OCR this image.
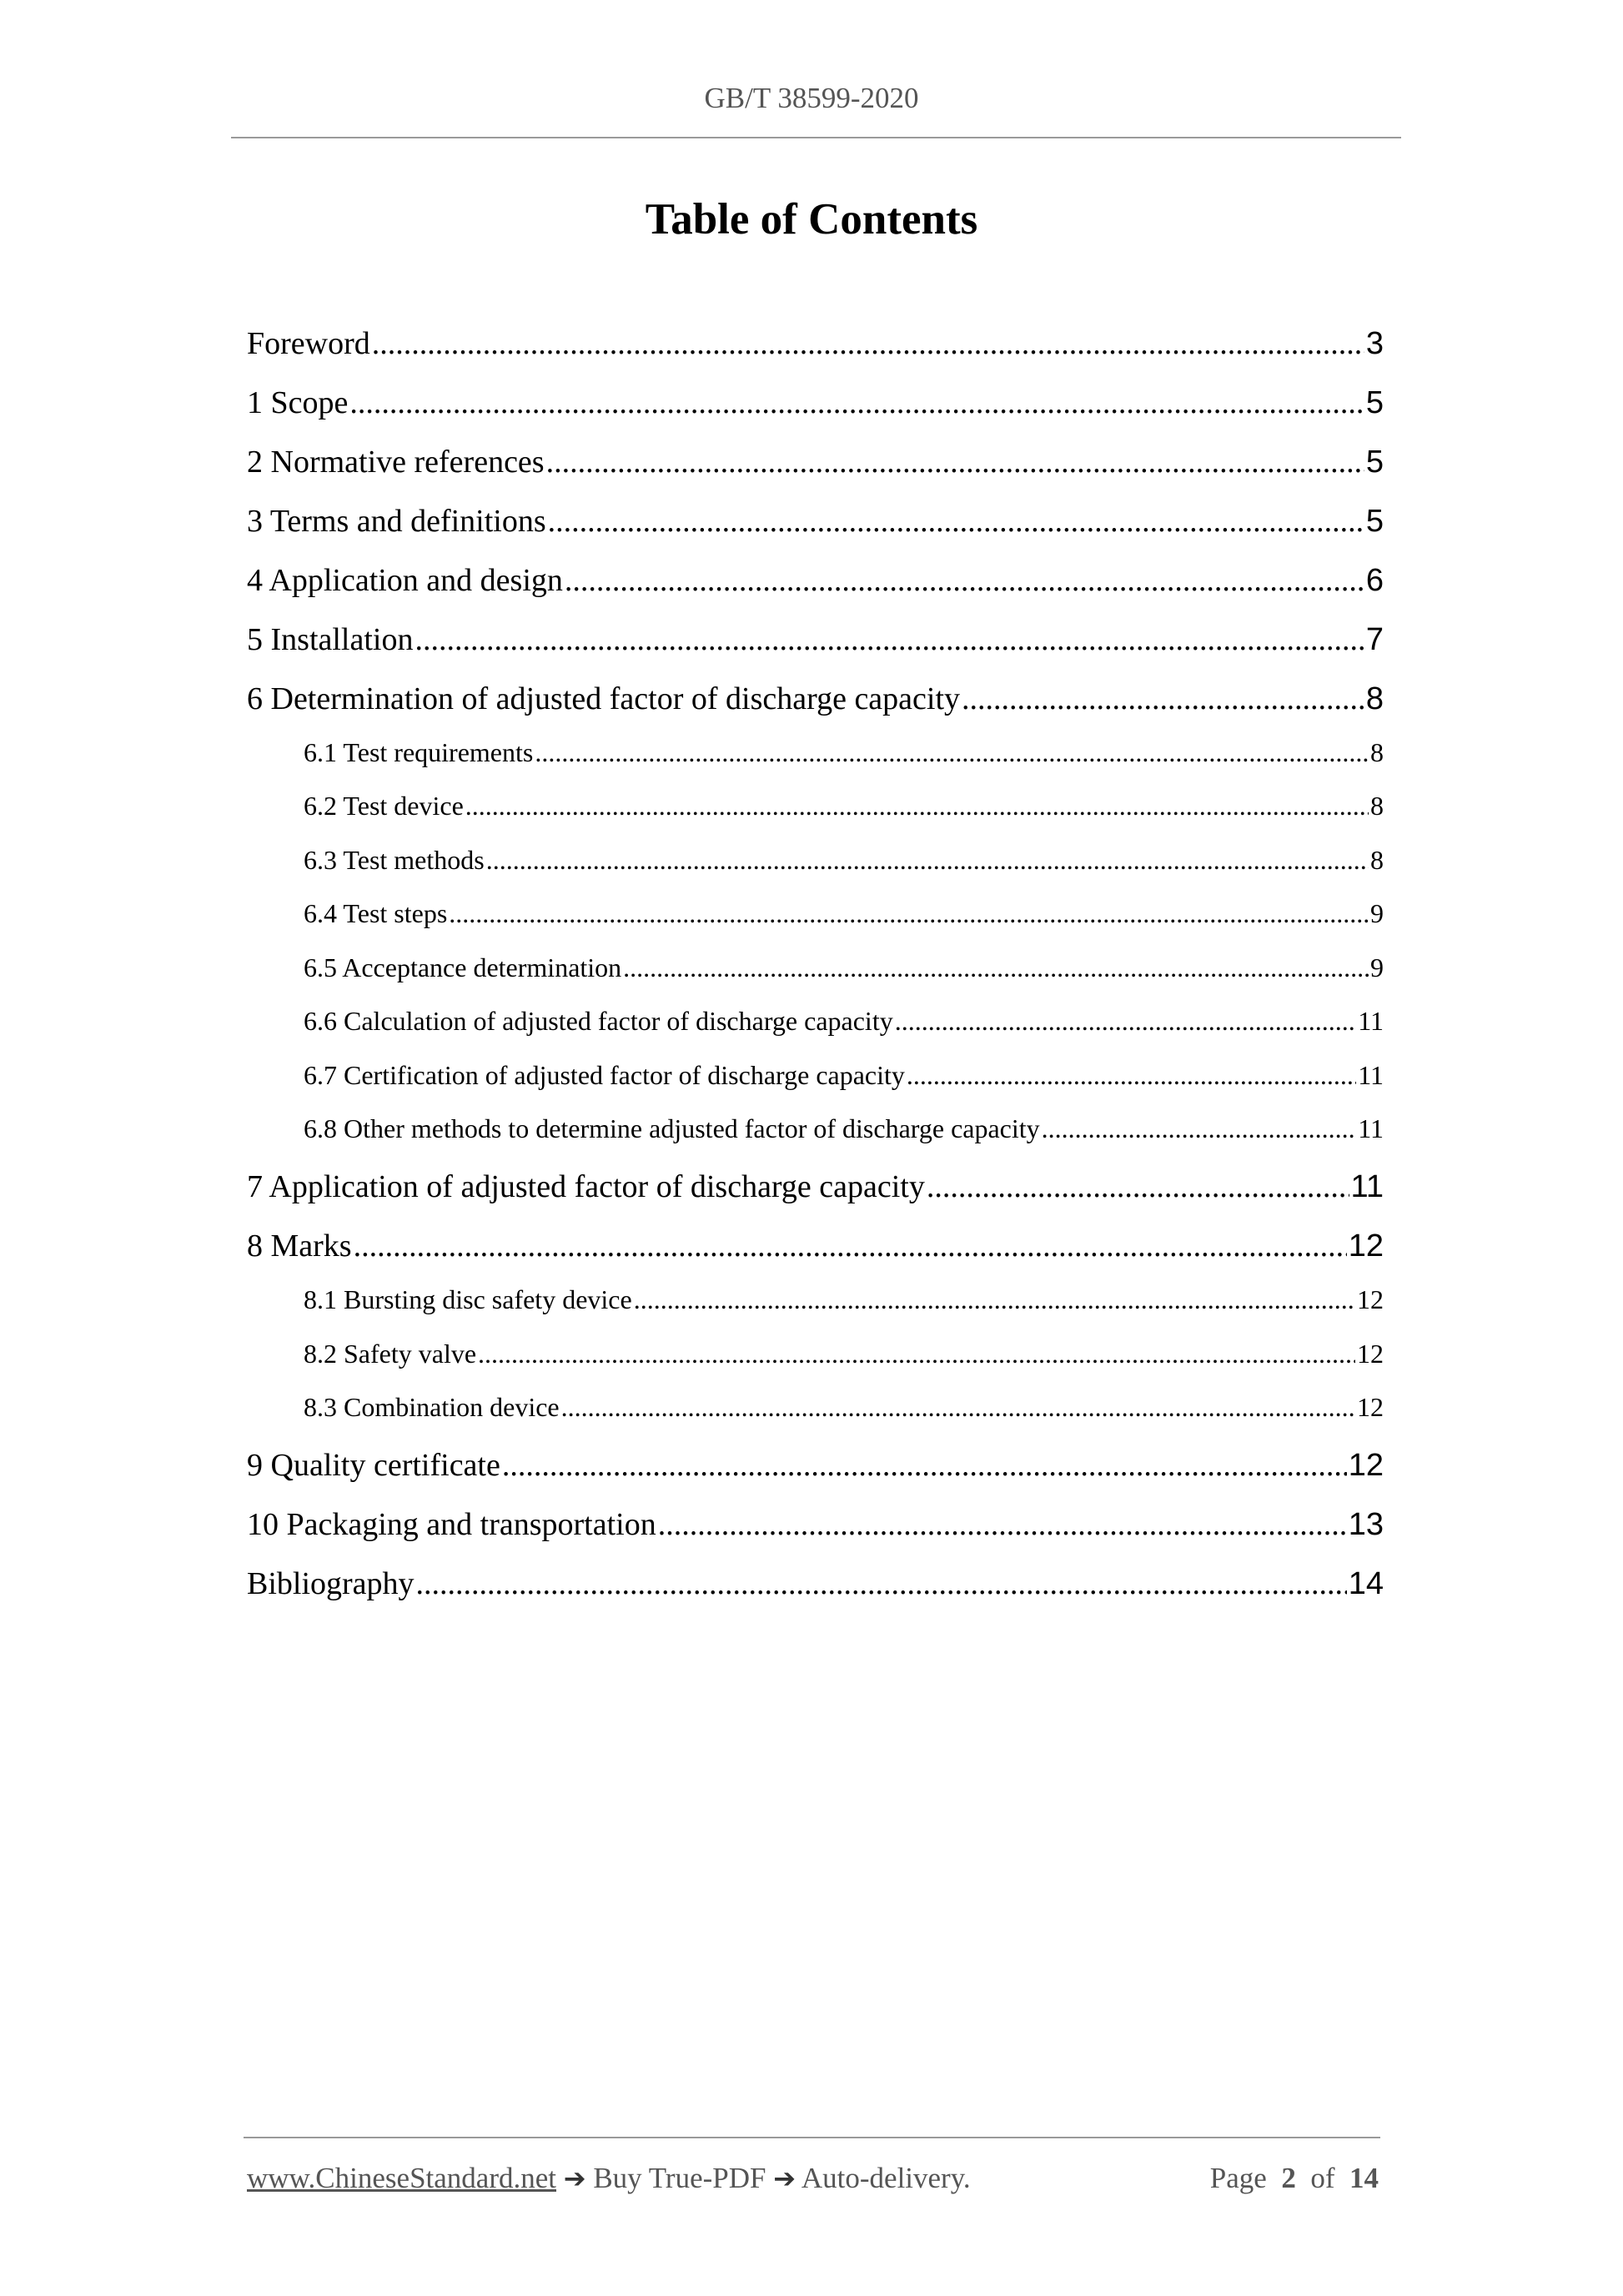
GB/T 38599-2020
Table of Contents
Foreword .....	3
1 Scope .....	5
2 Normative references .....	5
3 Terms and definitions .....	5
4 Application and design .....	6
5 Installation .....	7
6 Determination of adjusted factor of discharge capacity .....	8
6.1 Test requirements .....	8
6.2 Test device .....	8
6.3 Test methods .....	8
6.4 Test steps .....	9
6.5 Acceptance determination .....	9
6.6 Calculation of adjusted factor of discharge capacity .....	11
6.7 Certification of adjusted factor of discharge capacity .....	11
6.8 Other methods to determine adjusted factor of discharge capacity .....	11
7 Application of adjusted factor of discharge capacity .....	11
8 Marks .....	12
8.1 Bursting disc safety device .....	12
8.2 Safety valve .....	12
8.3 Combination device .....	12
9 Quality certificate .....	12
10 Packaging and transportation .....	13
Bibliography .....	14
www.ChineseStandard.net ➔ Buy True-PDF ➔ Auto-delivery.	Page 2 of 14
